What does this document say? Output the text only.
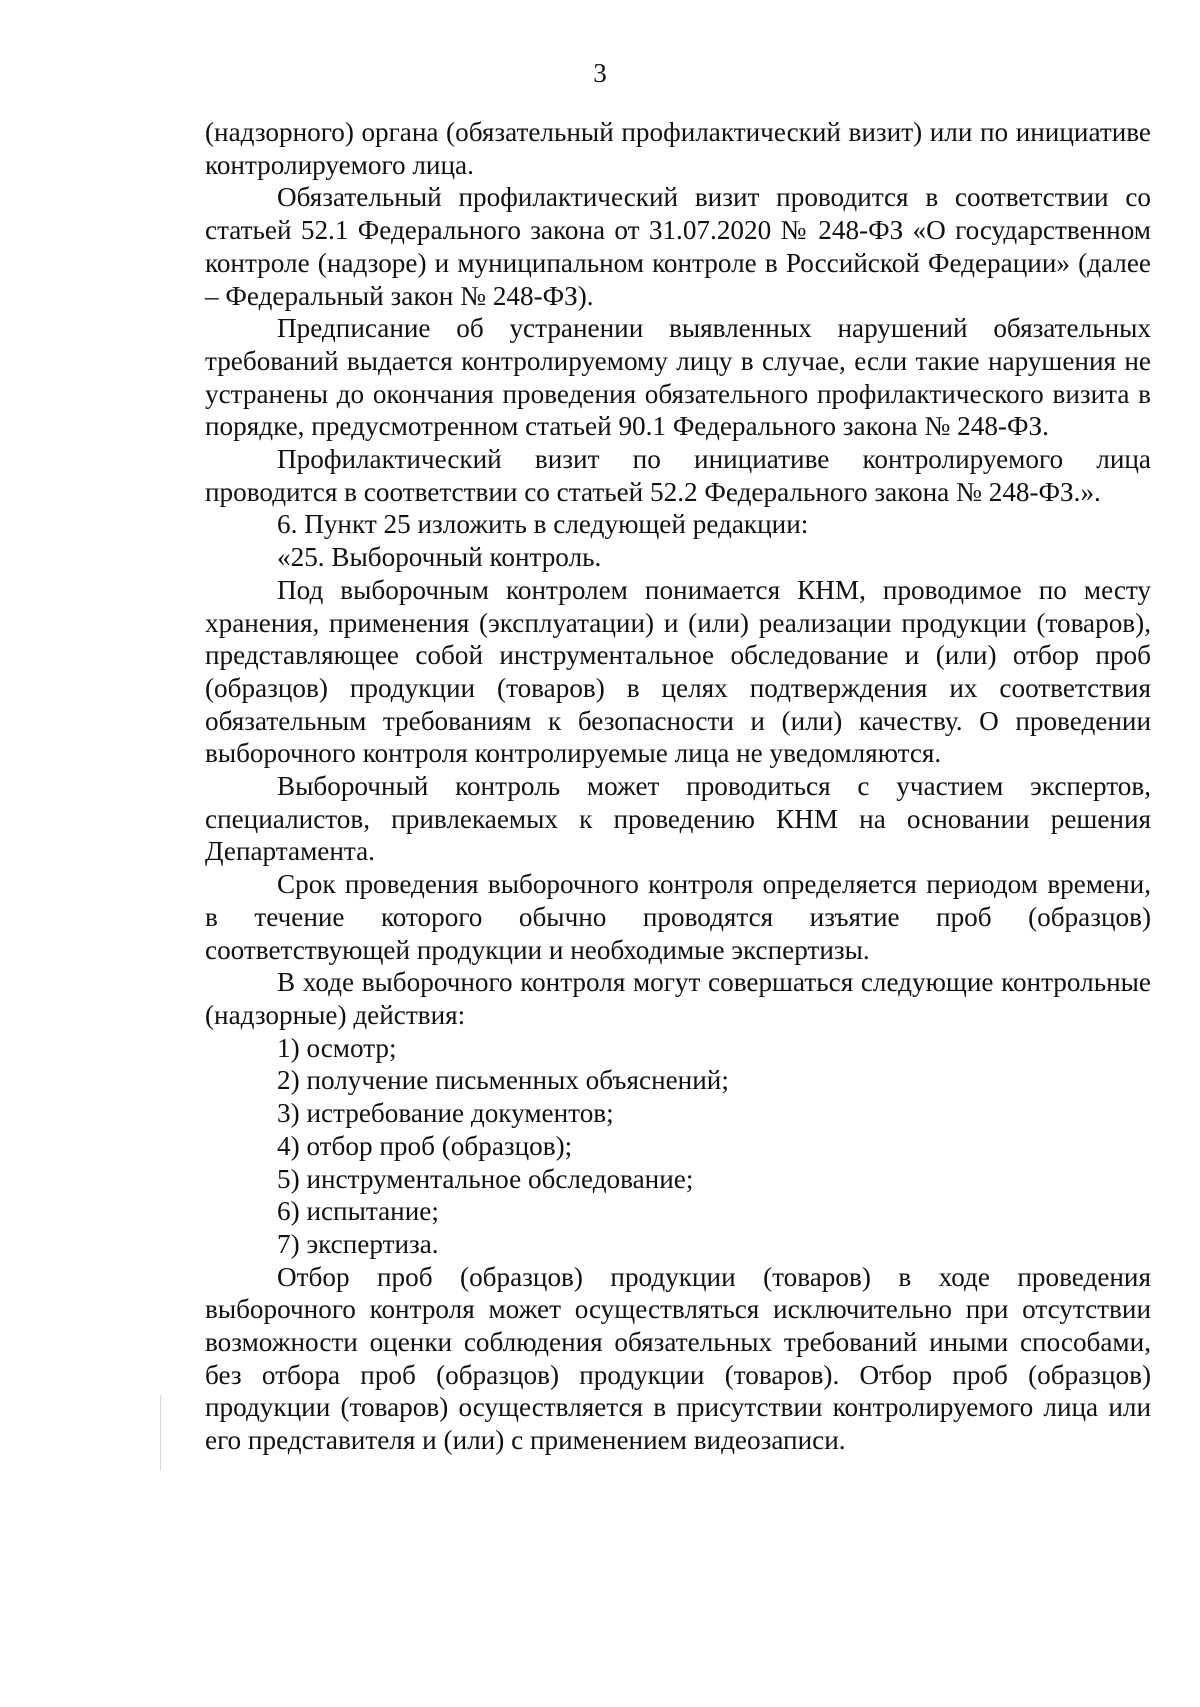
3

(надзорного) органа (обязательный профилактический визит) или по инициативе контролируемого лица.

Обязательный профилактический визит проводится в соответствии со статьей 52.1 Федерального закона от 31.07.2020 № 248-ФЗ «О государственном контроле (надзоре) и муниципальном контроле в Российской Федерации» (далее – Федеральный закон № 248-ФЗ).

Предписание об устранении выявленных нарушений обязательных требований выдается контролируемому лицу в случае, если такие нарушения не устранены до окончания проведения обязательного профилактического визита в порядке, предусмотренном статьей 90.1 Федерального закона № 248-ФЗ.

Профилактический визит по инициативе контролируемого лица проводится в соответствии со статьей 52.2 Федерального закона № 248-ФЗ.».

6. Пункт 25 изложить в следующей редакции:

«25. Выборочный контроль.

Под выборочным контролем понимается КНМ, проводимое по месту хранения, применения (эксплуатации) и (или) реализации продукции (товаров), представляющее собой инструментальное обследование и (или) отбор проб (образцов) продукции (товаров) в целях подтверждения их соответствия обязательным требованиям к безопасности и (или) качеству. О проведении выборочного контроля контролируемые лица не уведомляются.

Выборочный контроль может проводиться с участием экспертов, специалистов, привлекаемых к проведению КНМ на основании решения Департамента.

Срок проведения выборочного контроля определяется периодом времени, в течение которого обычно проводятся изъятие проб (образцов) соответствующей продукции и необходимые экспертизы.

В ходе выборочного контроля могут совершаться следующие контрольные (надзорные) действия:

1) осмотр;

2) получение письменных объяснений;

3) истребование документов;

4) отбор проб (образцов);

5) инструментальное обследование;

6) испытание;

7) экспертиза.

Отбор проб (образцов) продукции (товаров) в ходе проведения выборочного контроля может осуществляться исключительно при отсутствии возможности оценки соблюдения обязательных требований иными способами, без отбора проб (образцов) продукции (товаров). Отбор проб (образцов) продукции (товаров) осуществляется в присутствии контролируемого лица или его представителя и (или) с применением видеозаписи.
